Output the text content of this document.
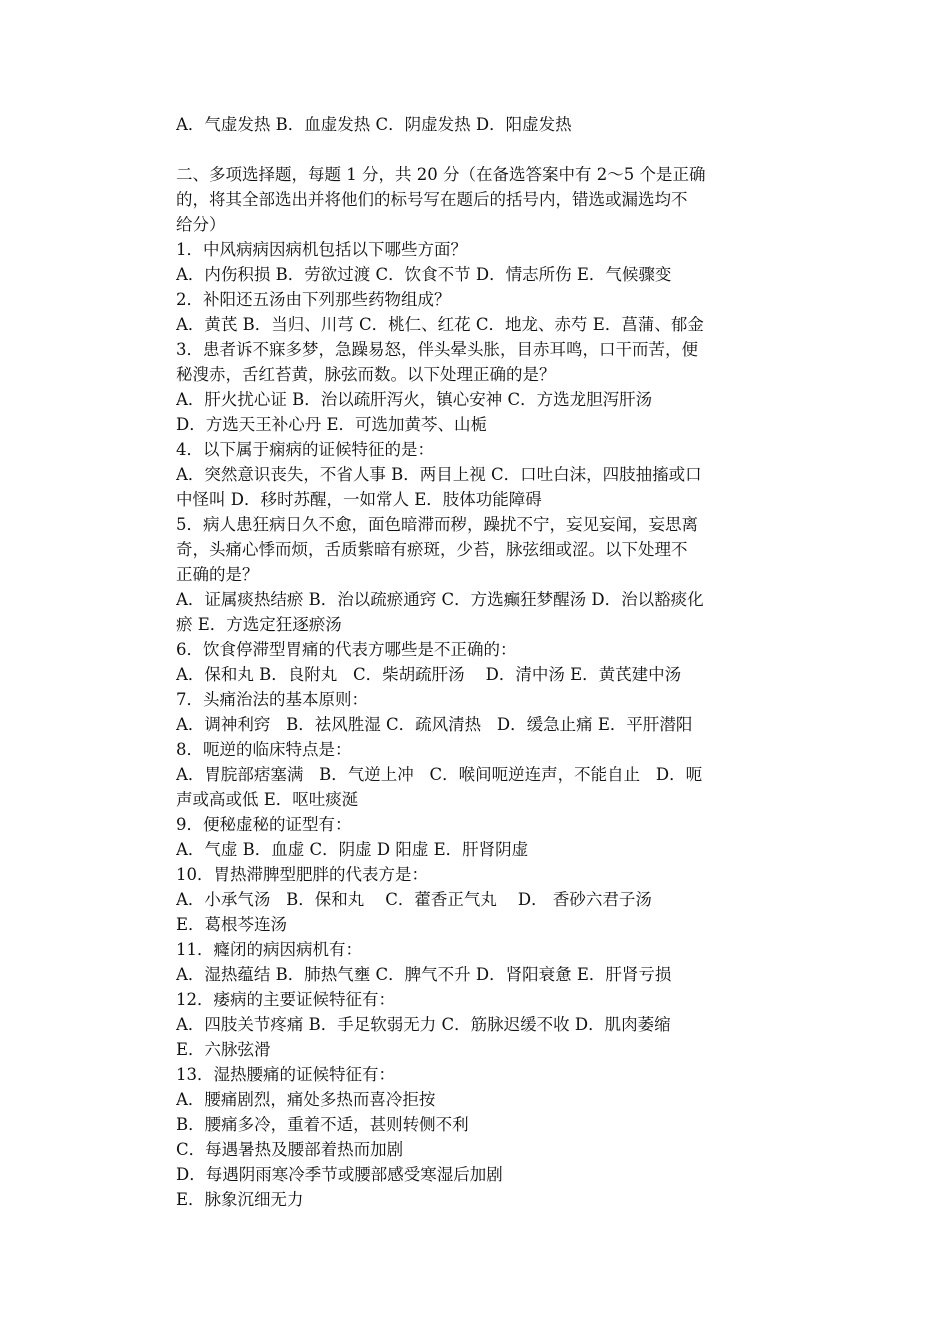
A．气虚发热 B．血虚发热 C．阴虚发热 D．阳虚发热
二、多项选择题，每题 1 分，共 20 分（在备选答案中有 2～5 个是正确
的，将其全部选出并将他们的标号写在题后的括号内，错选或漏选均不
给分）
1．中风病病因病机包括以下哪些方面？
A．内伤积损 B．劳欲过渡 C．饮食不节 D．情志所伤 E．气候骤变
2．补阳还五汤由下列那些药物组成？
A．黄芪 B．当归、川芎 C．桃仁、红花 C．地龙、赤芍 E．菖蒲、郁金
3．患者诉不寐多梦，急躁易怒，伴头晕头胀，目赤耳鸣，口干而苦，便
秘溲赤，舌红苔黄，脉弦而数。以下处理正确的是？
A．肝火扰心证 B．治以疏肝泻火，镇心安神 C．方选龙胆泻肝汤
D．方选天王补心丹 E．可选加黄芩、山栀
4．以下属于痫病的证候特征的是：
A．突然意识丧失，不省人事 B．两目上视 C．口吐白沫，四肢抽搐或口
中怪叫 D．移时苏醒，一如常人 E．肢体功能障碍
5．病人患狂病日久不愈，面色暗滞而秽，躁扰不宁，妄见妄闻，妄思离
奇，头痛心悸而烦，舌质紫暗有瘀斑，少苔，脉弦细或涩。以下处理不
正确的是？
A．证属痰热结瘀 B．治以疏瘀通窍 C．方选癫狂梦醒汤 D．治以豁痰化
瘀 E．方选定狂逐瘀汤
6．饮食停滞型胃痛的代表方哪些是不正确的：
A．保和丸 B．良附丸   C．柴胡疏肝汤    D．清中汤 E．黄芪建中汤
7．头痛治法的基本原则：
A．调神利窍   B．祛风胜湿 C．疏风清热   D．缓急止痛 E．平肝潜阳
8．呃逆的临床特点是：
A．胃脘部痞塞满   B．气逆上冲   C．喉间呃逆连声，不能自止   D．呃
声或高或低 E．呕吐痰涎
9．便秘虚秘的证型有：
A．气虚 B．血虚 C．阴虚 D 阳虚 E．肝肾阴虚
10．胃热滞脾型肥胖的代表方是：
A．小承气汤   B．保和丸    C．藿香正气丸    D． 香砂六君子汤
E．葛根芩连汤
11．癃闭的病因病机有：
A．湿热蕴结 B．肺热气壅 C．脾气不升 D．肾阳衰惫 E．肝肾亏损
12．痿病的主要证候特征有：
A．四肢关节疼痛 B．手足软弱无力 C．筋脉迟缓不收 D．肌肉萎缩
E．六脉弦滑
13．湿热腰痛的证候特征有：
A．腰痛剧烈，痛处多热而喜冷拒按
B．腰痛多冷，重着不适，甚则转侧不利
C．每遇暑热及腰部着热而加剧
D．每遇阴雨寒冷季节或腰部感受寒湿后加剧
E．脉象沉细无力
